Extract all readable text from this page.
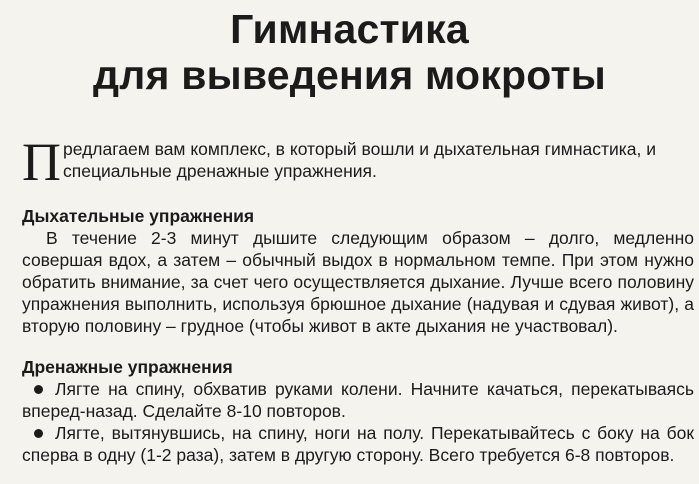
Гимнастика
для выведения мокроты
П редлагаем вам комплекс, в который вошли и дыхательная гимнастика, и специальные дренажные упражнения.
Дыхательные упражнения
В течение 2-3 минут дышите следующим образом – долго, медленно совершая вдох, а затем – обычный выдох в нормальном темпе. При этом нужно обратить внимание, за счет чего осуществляется дыхание. Лучше всего половину упражнения выполнить, используя брюшное дыхание (надувая и сдувая живот), а вторую половину – грудное (чтобы живот в акте дыхания не участвовал).
Дренажные упражнения
Лягте на спину, обхватив руками колени. Начните качаться, перекатываясь вперед-назад. Сделайте 8-10 повторов.
Лягте, вытянувшись, на спину, ноги на полу. Перекатывайтесь с боку на бок сперва в одну (1-2 раза), затем в другую сторону. Всего требуется 6-8 повторов.
